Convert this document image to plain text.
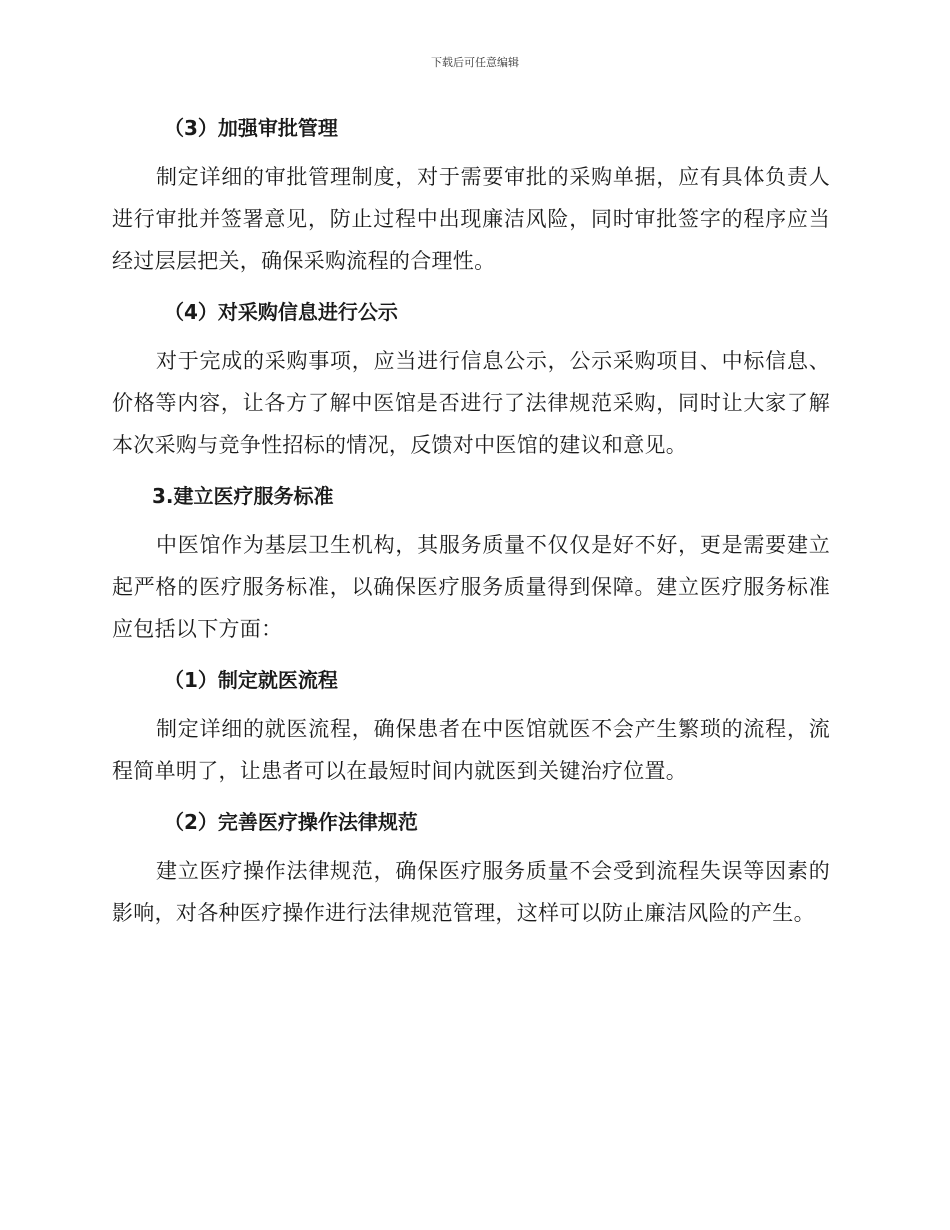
下载后可任意编辑
（3）加强审批管理

制定详细的审批管理制度，对于需要审批的采购单据，应有具体负责人进行审批并签署意见，防止过程中出现廉洁风险，同时审批签字的程序应当经过层层把关，确保采购流程的合理性。

（4）对采购信息进行公示

对于完成的采购事项，应当进行信息公示，公示采购项目、中标信息、价格等内容，让各方了解中医馆是否进行了法律规范采购，同时让大家了解本次采购与竞争性招标的情况，反馈对中医馆的建议和意见。

3.建立医疗服务标准

中医馆作为基层卫生机构，其服务质量不仅仅是好不好，更是需要建立起严格的医疗服务标准，以确保医疗服务质量得到保障。建立医疗服务标准应包括以下方面：

（1）制定就医流程

制定详细的就医流程，确保患者在中医馆就医不会产生繁琐的流程，流程简单明了，让患者可以在最短时间内就医到关键治疗位置。

（2）完善医疗操作法律规范

建立医疗操作法律规范，确保医疗服务质量不会受到流程失误等因素的影响，对各种医疗操作进行法律规范管理，这样可以防止廉洁风险的产生。
